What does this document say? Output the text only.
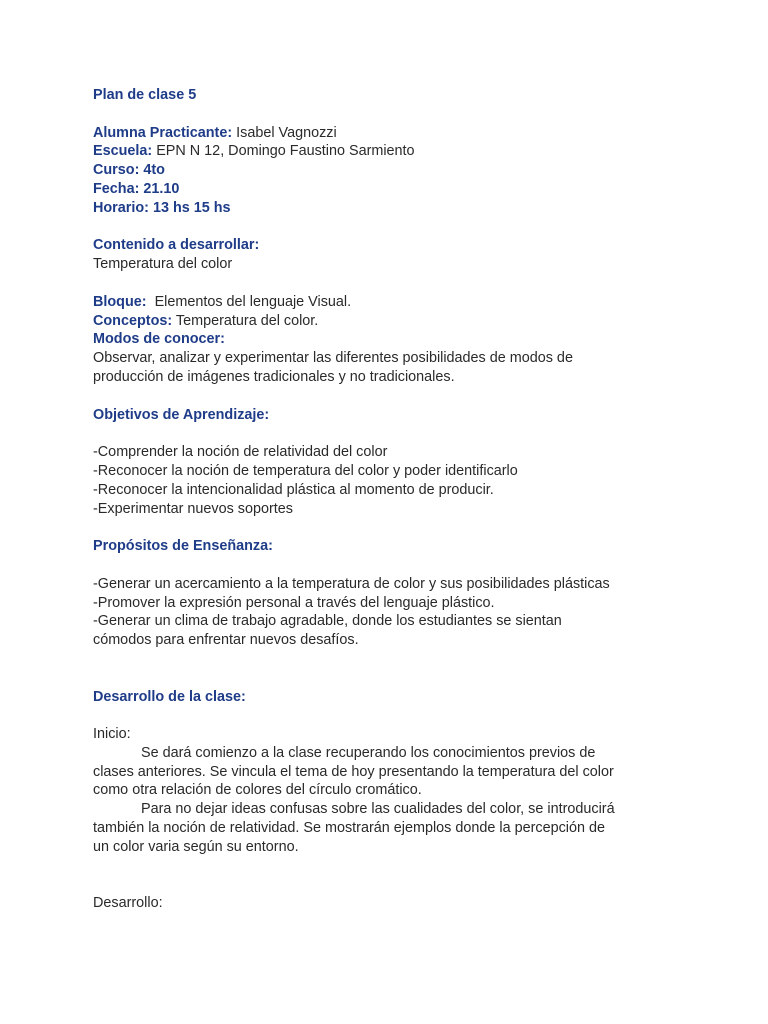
Plan de clase 5

Alumna Practicante: Isabel Vagnozzi

Escuela: EPN N 12, Domingo Faustino Sarmiento

Curso: 4to

Fecha: 21.10

Horario: 13 hs 15 hs

Contenido a desarrollar:

Temperatura del color

Bloque: Elementos del lenguaje Visual.

Conceptos: Temperatura del color.

Modos de conocer:

Observar, analizar y experimentar las diferentes posibilidades de modos de

producción de imágenes tradicionales y no tradicionales.

Objetivos de Aprendizaje:

-Comprender la noción de relatividad del color

-Reconocer la noción de temperatura del color y poder identificarlo

-Reconocer la intencionalidad plástica al momento de producir.

-Experimentar nuevos soportes

Propósitos de Enseñanza:

-Generar un acercamiento a la temperatura de color y sus posibilidades plásticas

-Promover la expresión personal a través del lenguaje plástico.

-Generar un clima de trabajo agradable, donde los estudiantes se sientan

cómodos para enfrentar nuevos desafíos.

Desarrollo de la clase:

Inicio:

Se dará comienzo a la clase recuperando los conocimientos previos de

clases anteriores. Se vincula el tema de hoy presentando la temperatura del color

como otra relación de colores del círculo cromático.

Para no dejar ideas confusas sobre las cualidades del color, se introducirá

también la noción de relatividad. Se mostrarán ejemplos donde la percepción de

un color varia según su entorno.

Desarrollo:
